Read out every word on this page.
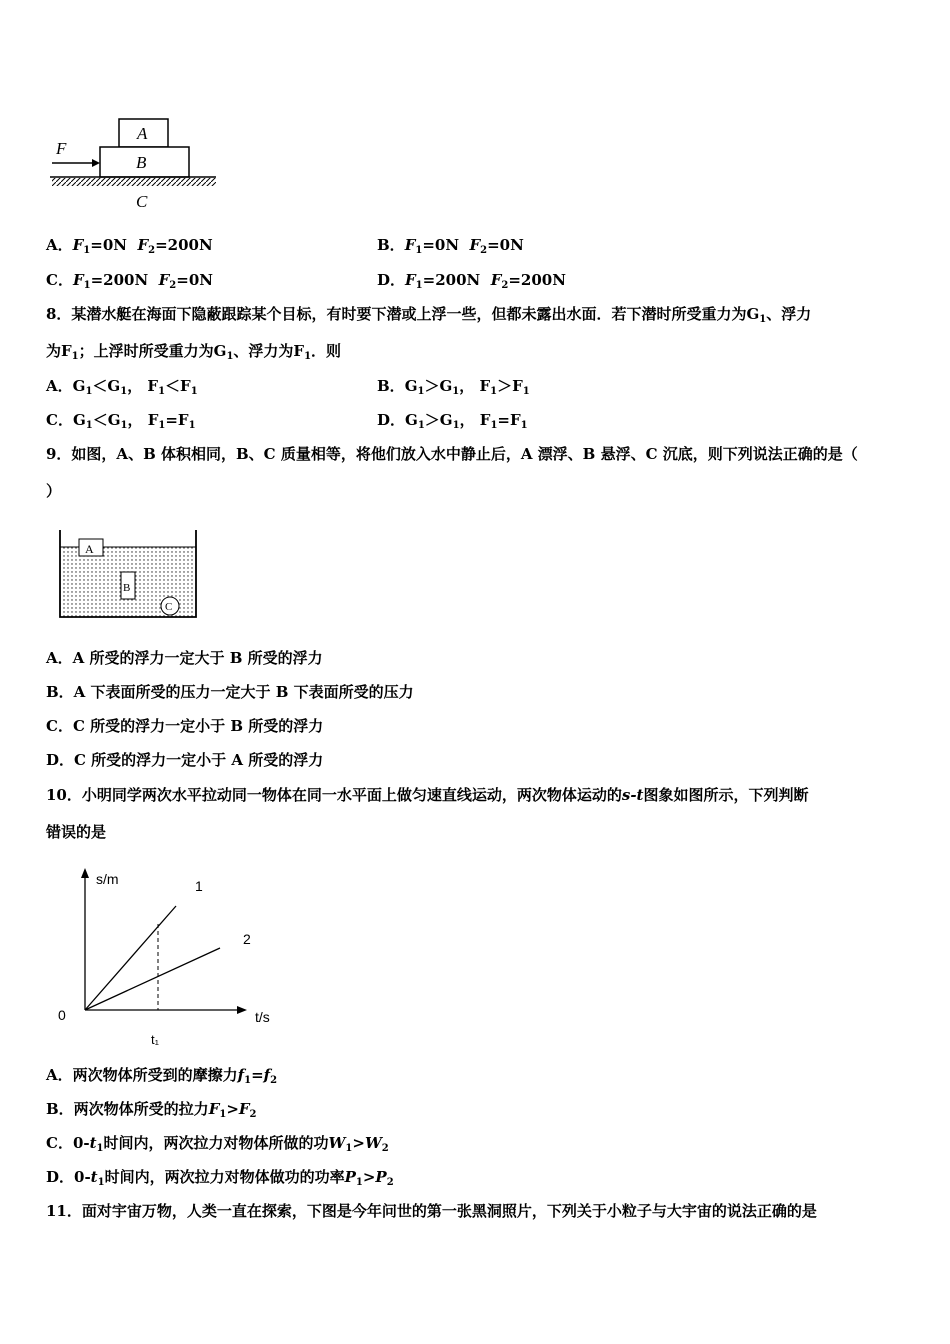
F
A
B
C
A．$F_1=0N$ $F_2=200N$	B．$F_1=0N$ $F_2=0N$
C．$F_1=200N$ $F_2=0N$	D．$F_1=200N$ $F_2=200N$
8．某潜水艇在海面下隐蔽跟踪某个目标，有时要下潜或上浮一些，但都未露出水面．若下潜时所受重力为$G_1$、浮力
为$F_1$；上浮时所受重力为$G_1$、浮力为$F_1$．则
A．$G_1<G_1$， $F_1<F_1$	B．$G_1>G_1$， $F_1>F_1$
C．$G_1<G_1$， $F_1=F_1$	D．$G_1>G_1$， $F_1=F_1$
9．如图，A、B 体积相同，B、C 质量相等，将他们放入水中静止后，A 漂浮、B 悬浮、C 沉底，则下列说法正确的是（
）
A
B
C
A．A 所受的浮力一定大于 B 所受的浮力
B．A 下表面所受的压力一定大于 B 下表面所受的压力
C．C 所受的浮力一定小于 B 所受的浮力
D．C 所受的浮力一定小于 A 所受的浮力
10．小明同学两次水平拉动同一物体在同一水平面上做匀速直线运动，两次物体运动的s-t图象如图所示，下列判断
错误的是
s/m
t/s
0
t₁
1
2
A．两次物体所受到的摩擦力$f_1=f_2$
B．两次物体所受的拉力$F_1>F_2$
C．$0-t_1$时间内，两次拉力对物体所做的功$W_1>W_2$
D．$0-t_1$时间内，两次拉力对物体做功的功率$P_1>P_2$
11．面对宇宙万物，人类一直在探索，下图是今年问世的第一张黑洞照片，下列关于小粒子与大宇宙的说法正确的是
